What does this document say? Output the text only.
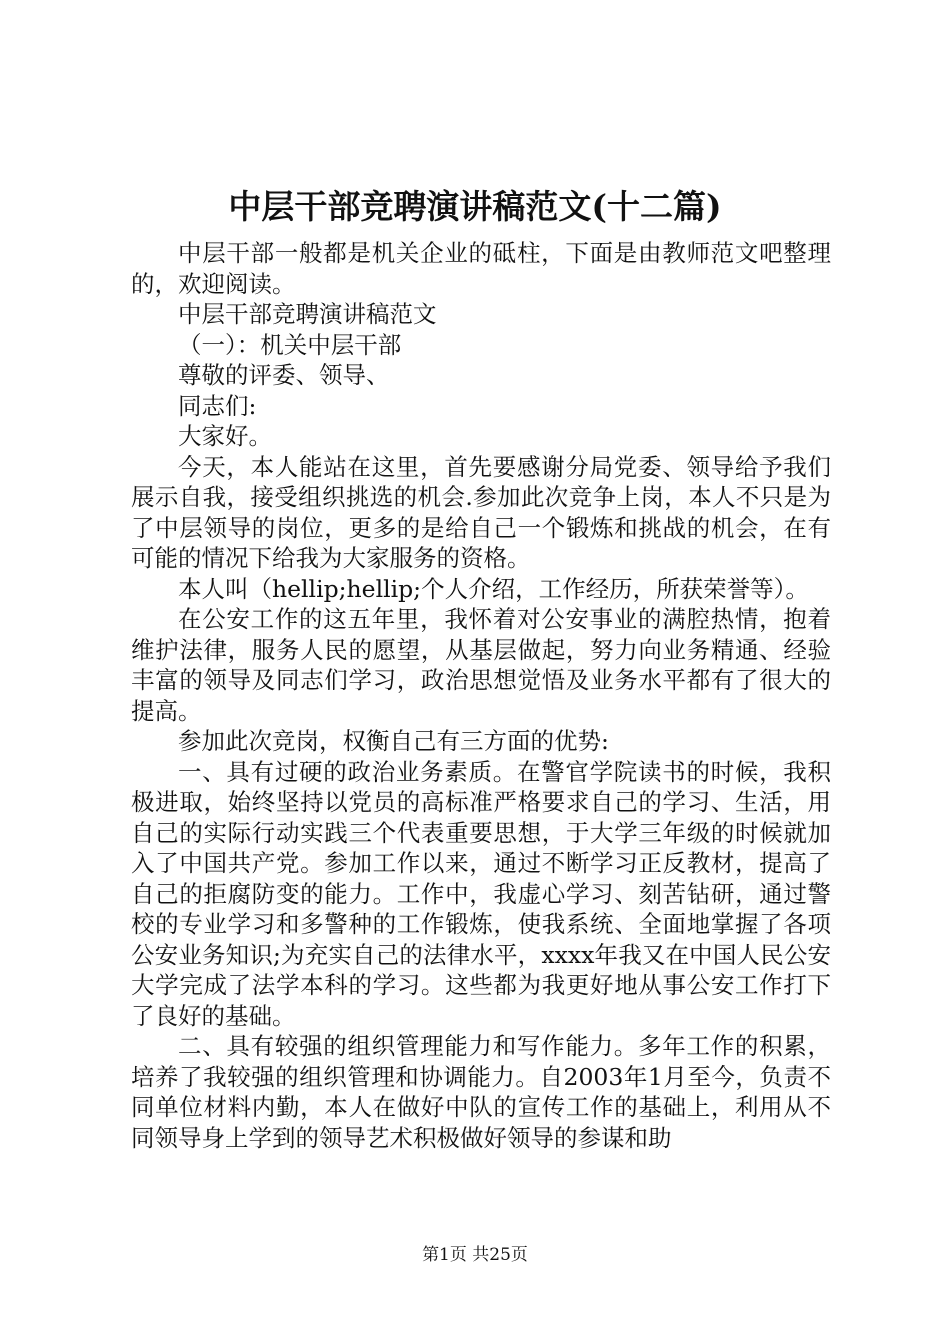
中层干部竞聘演讲稿范文(十二篇)

中层干部一般都是机关企业的砥柱，下面是由教师范文吧整理的，欢迎阅读。

中层干部竞聘演讲稿范文

（一）：机关中层干部

尊敬的评委、领导、

同志们:

大家好。

今天，本人能站在这里，首先要感谢分局党委、领导给予我们展示自我，接受组织挑选的机会.参加此次竞争上岗，本人不只是为了中层领导的岗位，更多的是给自己一个锻炼和挑战的机会，在有可能的情况下给我为大家服务的资格。

本人叫（hellip;hellip;个人介绍，工作经历，所获荣誉等）。

在公安工作的这五年里，我怀着对公安事业的满腔热情，抱着维护法律，服务人民的愿望，从基层做起，努力向业务精通、经验丰富的领导及同志们学习，政治思想觉悟及业务水平都有了很大的提高。

参加此次竞岗，权衡自己有三方面的优势:

一、具有过硬的政治业务素质。在警官学院读书的时候，我积极进取，始终坚持以党员的高标准严格要求自己的学习、生活，用自己的实际行动实践三个代表重要思想，于大学三年级的时候就加入了中国共产党。参加工作以来，通过不断学习正反教材，提高了自己的拒腐防变的能力。工作中，我虚心学习、刻苦钻研，通过警校的专业学习和多警种的工作锻炼，使我系统、全面地掌握了各项公安业务知识;为充实自己的法律水平，xxxx年我又在中国人民公安大学完成了法学本科的学习。这些都为我更好地从事公安工作打下了良好的基础。

二、具有较强的组织管理能力和写作能力。多年工作的积累，培养了我较强的组织管理和协调能力。自2003年1月至今，负责不同单位材料内勤，本人在做好中队的宣传工作的基础上，利用从不同领导身上学到的领导艺术积极做好领导的参谋和助

第1页 共25页
